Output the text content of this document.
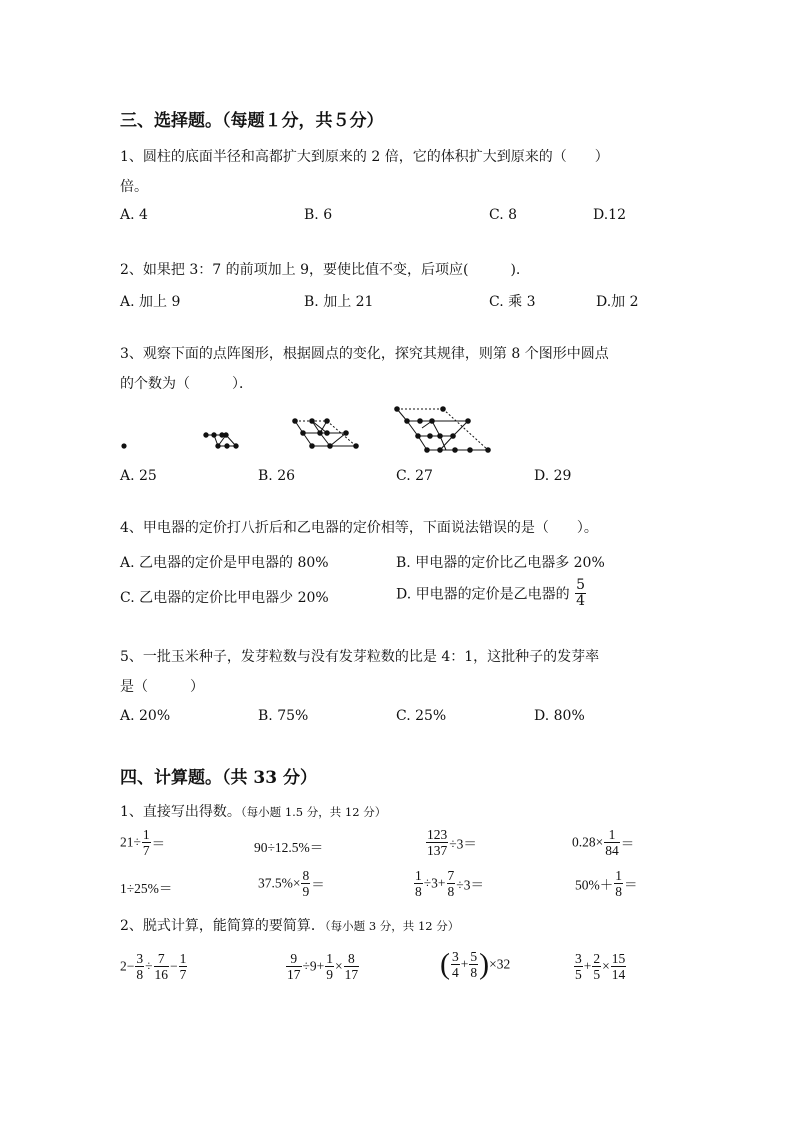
三、选择题。（每题１分，共５分）
1、圆柱的底面半径和高都扩大到原来的 2 倍，它的体积扩大到原来的（　　）
倍。
A. 4	B. 6	C. 8	D.12
2、如果把 3：7 的前项加上 9，要使比值不变，后项应(　　　).
A. 加上 9	B. 加上 21	C. 乘 3	D.加 2
3、观察下面的点阵图形，根据圆点的变化，探究其规律，则第 8 个图形中圆点
的个数为（　　　）．
A. 25	B. 26	C. 27	D. 29
4、甲电器的定价打八折后和乙电器的定价相等，下面说法错误的是（　　）。
A. 乙电器的定价是甲电器的 80%	B. 甲电器的定价比乙电器多 20%
C. 乙电器的定价比甲电器少 20%	D. 甲电器的定价是乙电器的 $\frac{5}{4}$
5、一批玉米种子，发芽粒数与没有发芽粒数的比是 4：1，这批种子的发芽率
是（　　　）
A. 20%	B. 75%	C. 25%	D. 80%
四、计算题。（共 33 分）
1、直接写出得数。（每小题 1.5 分，共 12 分）
$21\div \frac{1}{7}$ ＝	90÷12.5%＝	$\frac{123}{137} \div 3=$	$0.28\times \frac{1}{84}$ ＝
1÷25%＝	$37.5\%\times \frac{8}{9}$ ＝	$\frac{1}{8} \div 3+ \frac{7}{8} \div 3=$	$50\%+ \frac{1}{8}$ ＝
2、脱式计算，能简算的要简算．（每小题 3 分，共 12 分）
$2- \frac{3}{8} \div \frac{7}{16} - \frac{1}{7}$	$\frac{9}{17} \div 9+ \frac{1}{9} \times \frac{8}{17}$	( $\frac{3}{4} + \frac{5}{8} )\times 32$	$\frac{3}{5} + \frac{2}{5} \times \frac{15}{14}$
